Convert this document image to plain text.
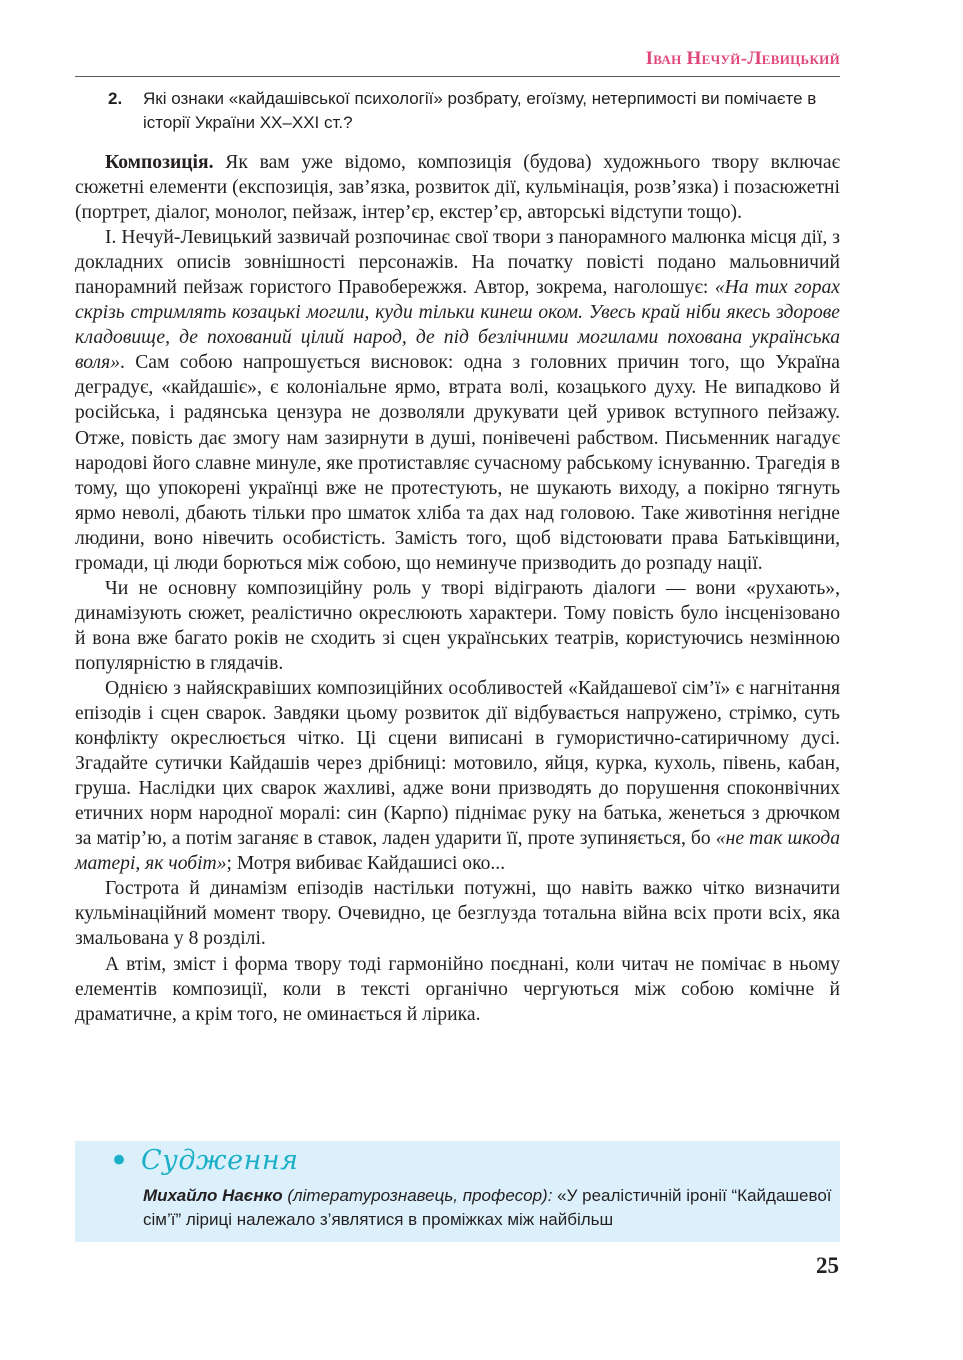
Іван Нечуй-Левицький
2. Які ознаки «кайдашівської психології» розбрату, егоїзму, нетерпимості ви помічаєте в історії України XX–XXI ст.?

Композиція. Як вам уже відомо, композиція (будова) художнього твору включає сюжетні елементи (експозиція, зав’язка, розвиток дії, кульмінація, розв’язка) і позасюжетні (портрет, діалог, монолог, пейзаж, інтер’єр, екстер’єр, авторські відступи тощо).

І. Нечуй-Левицький зазвичай розпочинає свої твори з панорамного малюнка місця дії, з докладних описів зовнішності персонажів. На початку повісті подано мальовничий панорамний пейзаж гористого Правобережжя. Автор, зокрема, наголошує: «На тих горах скрізь стримлять козацькі могили, куди тільки кинеш оком. Увесь край ніби якесь здорове кладовище, де похований цілий народ, де під безлічними могилами похована українська воля». Сам собою напрошується висновок: одна з головних причин того, що Україна деградує, «кайдашіє», є колоніальне ярмо, втрата волі, козацького духу. Не випадково й російська, і радянська цензура не дозволяли друкувати цей уривок вступного пейзажу. Отже, повість дає змогу нам зазирнути в душі, понівечені рабством. Письменник нагадує народові його славне минуле, яке протиставляє сучасному рабському існуванню. Трагедія в тому, що упокорені українці вже не протестують, не шукають виходу, а покірно тягнуть ярмо неволі, дбають тільки про шматок хліба та дах над головою. Таке животіння негідне людини, воно нівечить особистість. Замість того, щоб відстоювати права Батьківщини, громади, ці люди борються між собою, що неминуче призводить до розпаду нації.

Чи не основну композиційну роль у творі відіграють діалоги — вони «рухають», динамізують сюжет, реалістично окреслюють характери. Тому повість було інсценізовано й вона вже багато років не сходить зі сцен українських театрів, користуючись незмінною популярністю в глядачів.

Однією з найяскравіших композиційних особливостей «Кайдашевої сім’ї» є нагнітання епізодів і сцен сварок. Завдяки цьому розвиток дії відбувається напружено, стрімко, суть конфлікту окреслюється чітко. Ці сцени виписані в гумористично-сатиричному дусі. Згадайте сутички Кайдашів через дрібниці: мотовило, яйця, курка, кухоль, півень, кабан, груша. Наслідки цих сварок жахливі, адже вони призводять до порушення споконвічних етичних норм народної моралі: син (Карпо) піднімає руку на батька, женеться з дрючком за матір’ю, а потім заганяє в ставок, ладен ударити її, проте зупиняється, бо «не так шкода матері, як чобіт»; Мотря вибиває Кайдашисі око...

Гострота й динамізм епізодів настільки потужні, що навіть важко чітко визначити кульмінаційний момент твору. Очевидно, це безглузда тотальна війна всіх проти всіх, яка змальована у 8 розділі.

А втім, зміст і форма твору тоді гармонійно поєднані, коли читач не помічає в ньому елементів композиції, коли в тексті органічно чергуються між собою комічне й драматичне, а крім того, не оминається й лірика.

• Судження
Михайло Наєнко (літературознавець, професор): «У реалістичній іронії “Кайдашевої сім’ї” ліриці належало з’являтися в проміжках між найбільш
25
